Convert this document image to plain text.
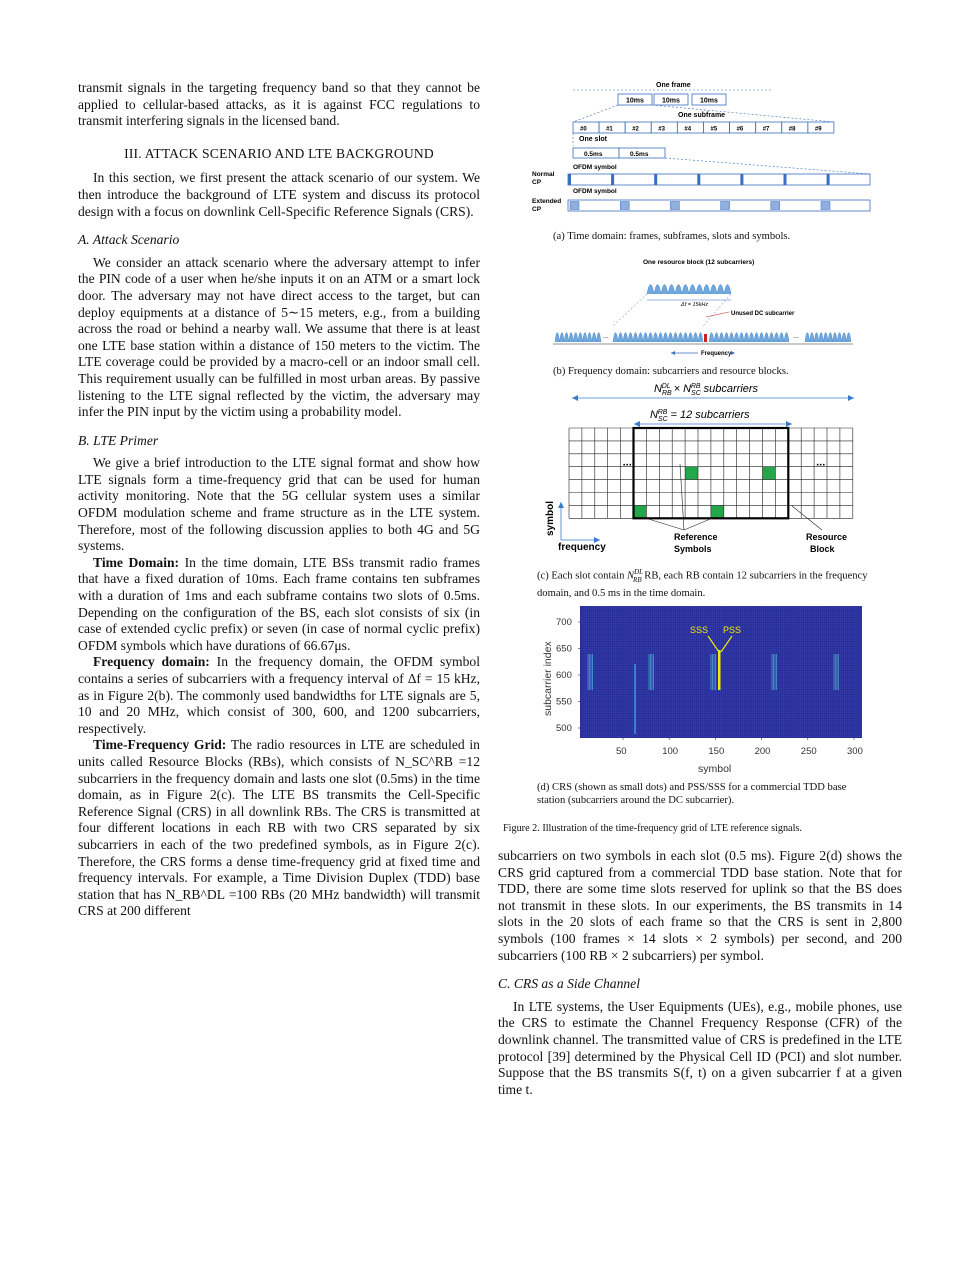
transmit signals in the targeting frequency band so that they cannot be applied to cellular-based attacks, as it is against FCC regulations to transmit interfering signals in the licensed band.

III. ATTACK SCENARIO AND LTE BACKGROUND

In this section, we first present the attack scenario of our system. We then introduce the background of LTE system and discuss its protocol design with a focus on downlink Cell-Specific Reference Signals (CRS).

A. Attack Scenario

We consider an attack scenario where the adversary attempt to infer the PIN code of a user when he/she inputs it on an ATM or a smart lock door. The adversary may not have direct access to the target, but can deploy equipments at a distance of 5∼15 meters, e.g., from a building across the road or behind a nearby wall. We assume that there is at least one LTE base station within a distance of 150 meters to the victim. The LTE coverage could be provided by a macro-cell or an indoor small cell. This requirement usually can be fulfilled in most urban areas. By passive listening to the LTE signal reflected by the victim, the adversary may infer the PIN input by the victim using a probability model.

B. LTE Primer

We give a brief introduction to the LTE signal format and show how LTE signals form a time-frequency grid that can be used for human activity monitoring. Note that the 5G cellular system uses a similar OFDM modulation scheme and frame structure as in the LTE system. Therefore, most of the following discussion applies to both 4G and 5G systems.

Time Domain: In the time domain, LTE BSs transmit radio frames that have a fixed duration of 10ms. Each frame contains ten subframes with a duration of 1ms and each subframe contains two slots of 0.5ms. Depending on the configuration of the BS, each slot consists of six (in case of extended cyclic prefix) or seven (in case of normal cyclic prefix) OFDM symbols which have durations of 66.67μs.

Frequency domain: In the frequency domain, the OFDM symbol contains a series of subcarriers with a frequency interval of Δf = 15 kHz, as in Figure 2(b). The commonly used bandwidths for LTE signals are 5, 10 and 20 MHz, which consist of 300, 600, and 1200 subcarriers, respectively.

Time-Frequency Grid: The radio resources in LTE are scheduled in units called Resource Blocks (RBs), which consists of N_SC^RB =12 subcarriers in the frequency domain and lasts one slot (0.5ms) in the time domain, as in Figure 2(c). The LTE BS transmits the Cell-Specific Reference Signal (CRS) in all downlink RBs. The CRS is transmitted at four different locations in each RB with two CRS separated by six subcarriers in each of the two predefined symbols, as in Figure 2(c). Therefore, the CRS forms a dense time-frequency grid at fixed time and frequency intervals. For example, a Time Division Duplex (TDD) base station that has N_RB^DL =100 RBs (20 MHz bandwidth) will transmit CRS at 200 different

subcarriers on two symbols in each slot (0.5 ms). Figure 2(d) shows the CRS grid captured from a commercial TDD base station. Note that for TDD, there are some time slots reserved for uplink so that the BS does not transmit in these slots. In our experiments, the BS transmits in 14 slots in the 20 slots of each frame so that the CRS is sent in 2,800 symbols (100 frames × 14 slots × 2 symbols) per second, and 200 subcarriers (100 RB × 2 subcarriers) per symbol.

C. CRS as a Side Channel

In LTE systems, the User Equipments (UEs), e.g., mobile phones, use the CRS to estimate the Channel Frequency Response (CFR) of the downlink channel. The transmitted value of CRS is predefined in the LTE protocol [39] determined by the Physical Cell ID (PCI) and slot number. Suppose that the BS transmits S(f, t) on a given subcarrier f at a given time t.

One frame
10ms	10ms	10ms
One subframe
#0	#1	#2	#3	#4	#5	#6	#7	#8	#9
One slot
0.5ms	0.5ms
OFDM symbol
Normal
CP
OFDM symbol
Extended
CP
(a) Time domain: frames, subframes, slots and symbols.
One resource block (12 subcarriers)
Δf = 15kHz
Unused DC subcarrier
...	...
Frequency
(b) Frequency domain: subcarriers and resource blocks.
$N_{RB}DL \times N_{SC}RB$ subcarriers
$N_{SC}RB = 12$ subcarriers
...	...
symbol
frequency
Reference
Symbols
Resource
Block
(c) Each slot contain $N^{DL}_{RB}$ RB, each RB contain 12 subcarriers in the frequency domain, and 0.5 ms in the time domain.
SSS PSS
subcarrier index
700
650
600
550
500
50	100	150	200	250	300
symbol
(d) CRS (shown as small dots) and PSS/SSS for a commercial TDD base station (subcarriers around the DC subcarrier).
Figure 2. Illustration of the time-frequency grid of LTE reference signals.
